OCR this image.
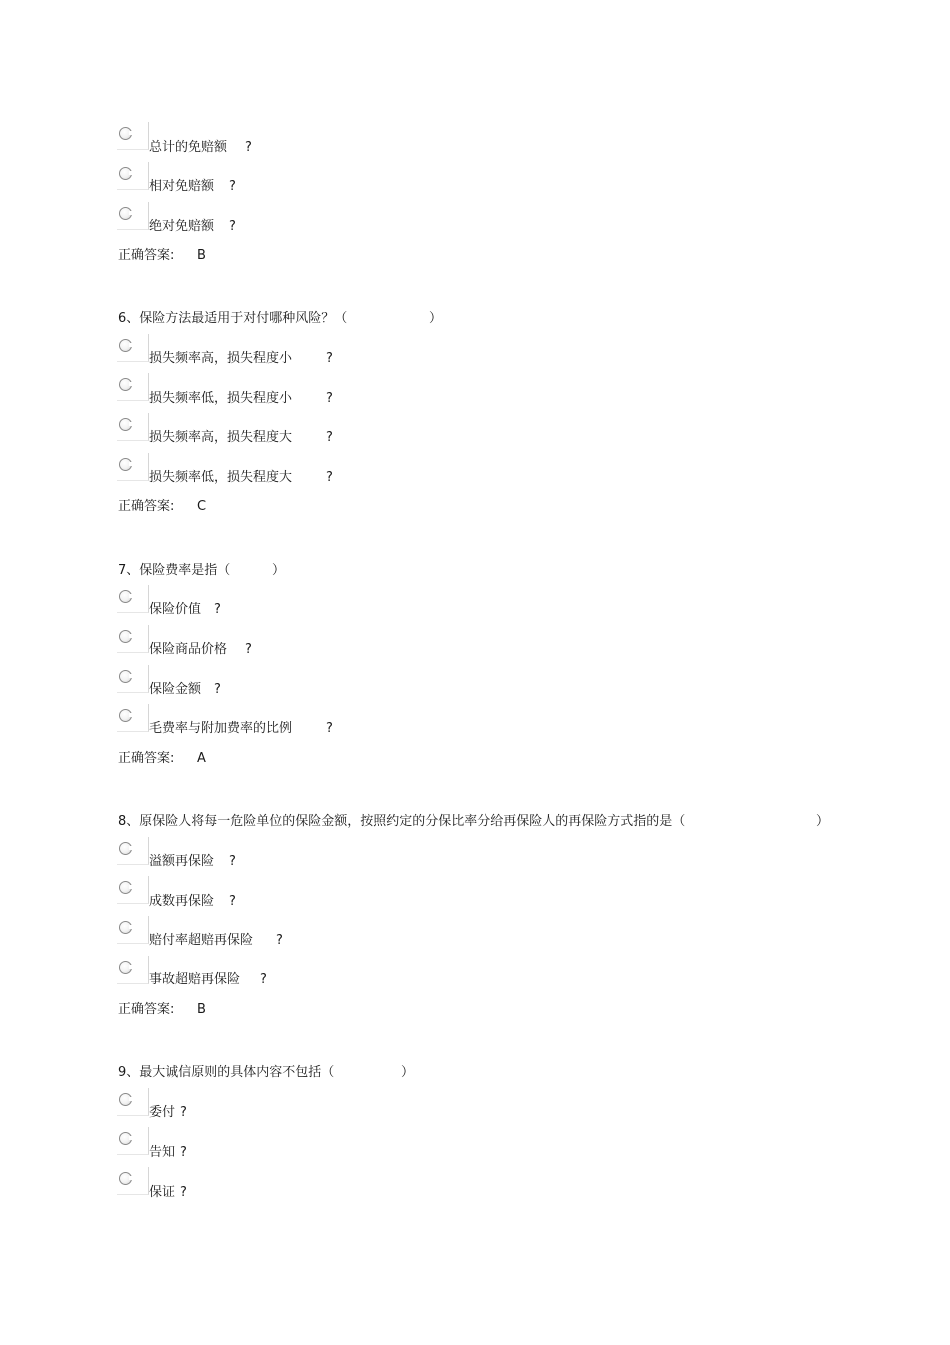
总计的免赔额 ?
相对免赔额 ?
绝对免赔额 ?
正确答案: B
6、保险方法最适用于对付哪种风险？（	）
损失频率高，损失程度小	?
损失频率低，损失程度小	?
损失频率高，损失程度大	?
损失频率低，损失程度大	?
正确答案: C
7、保险费率是指（	）
保险价值 ?
保险商品价格 ?
保险金额 ?
毛费率与附加费率的比例	?
正确答案: A
8、原保险人将每一危险单位的保险金额，按照约定的分保比率分给再保险人的再保险方式指的是（	）
溢额再保险 ?
成数再保险 ?
赔付率超赔再保险 ?
事故超赔再保险 ?
正确答案: B
9、最大诚信原则的具体内容不包括（	）
委付 ?
告知 ?
保证 ?
